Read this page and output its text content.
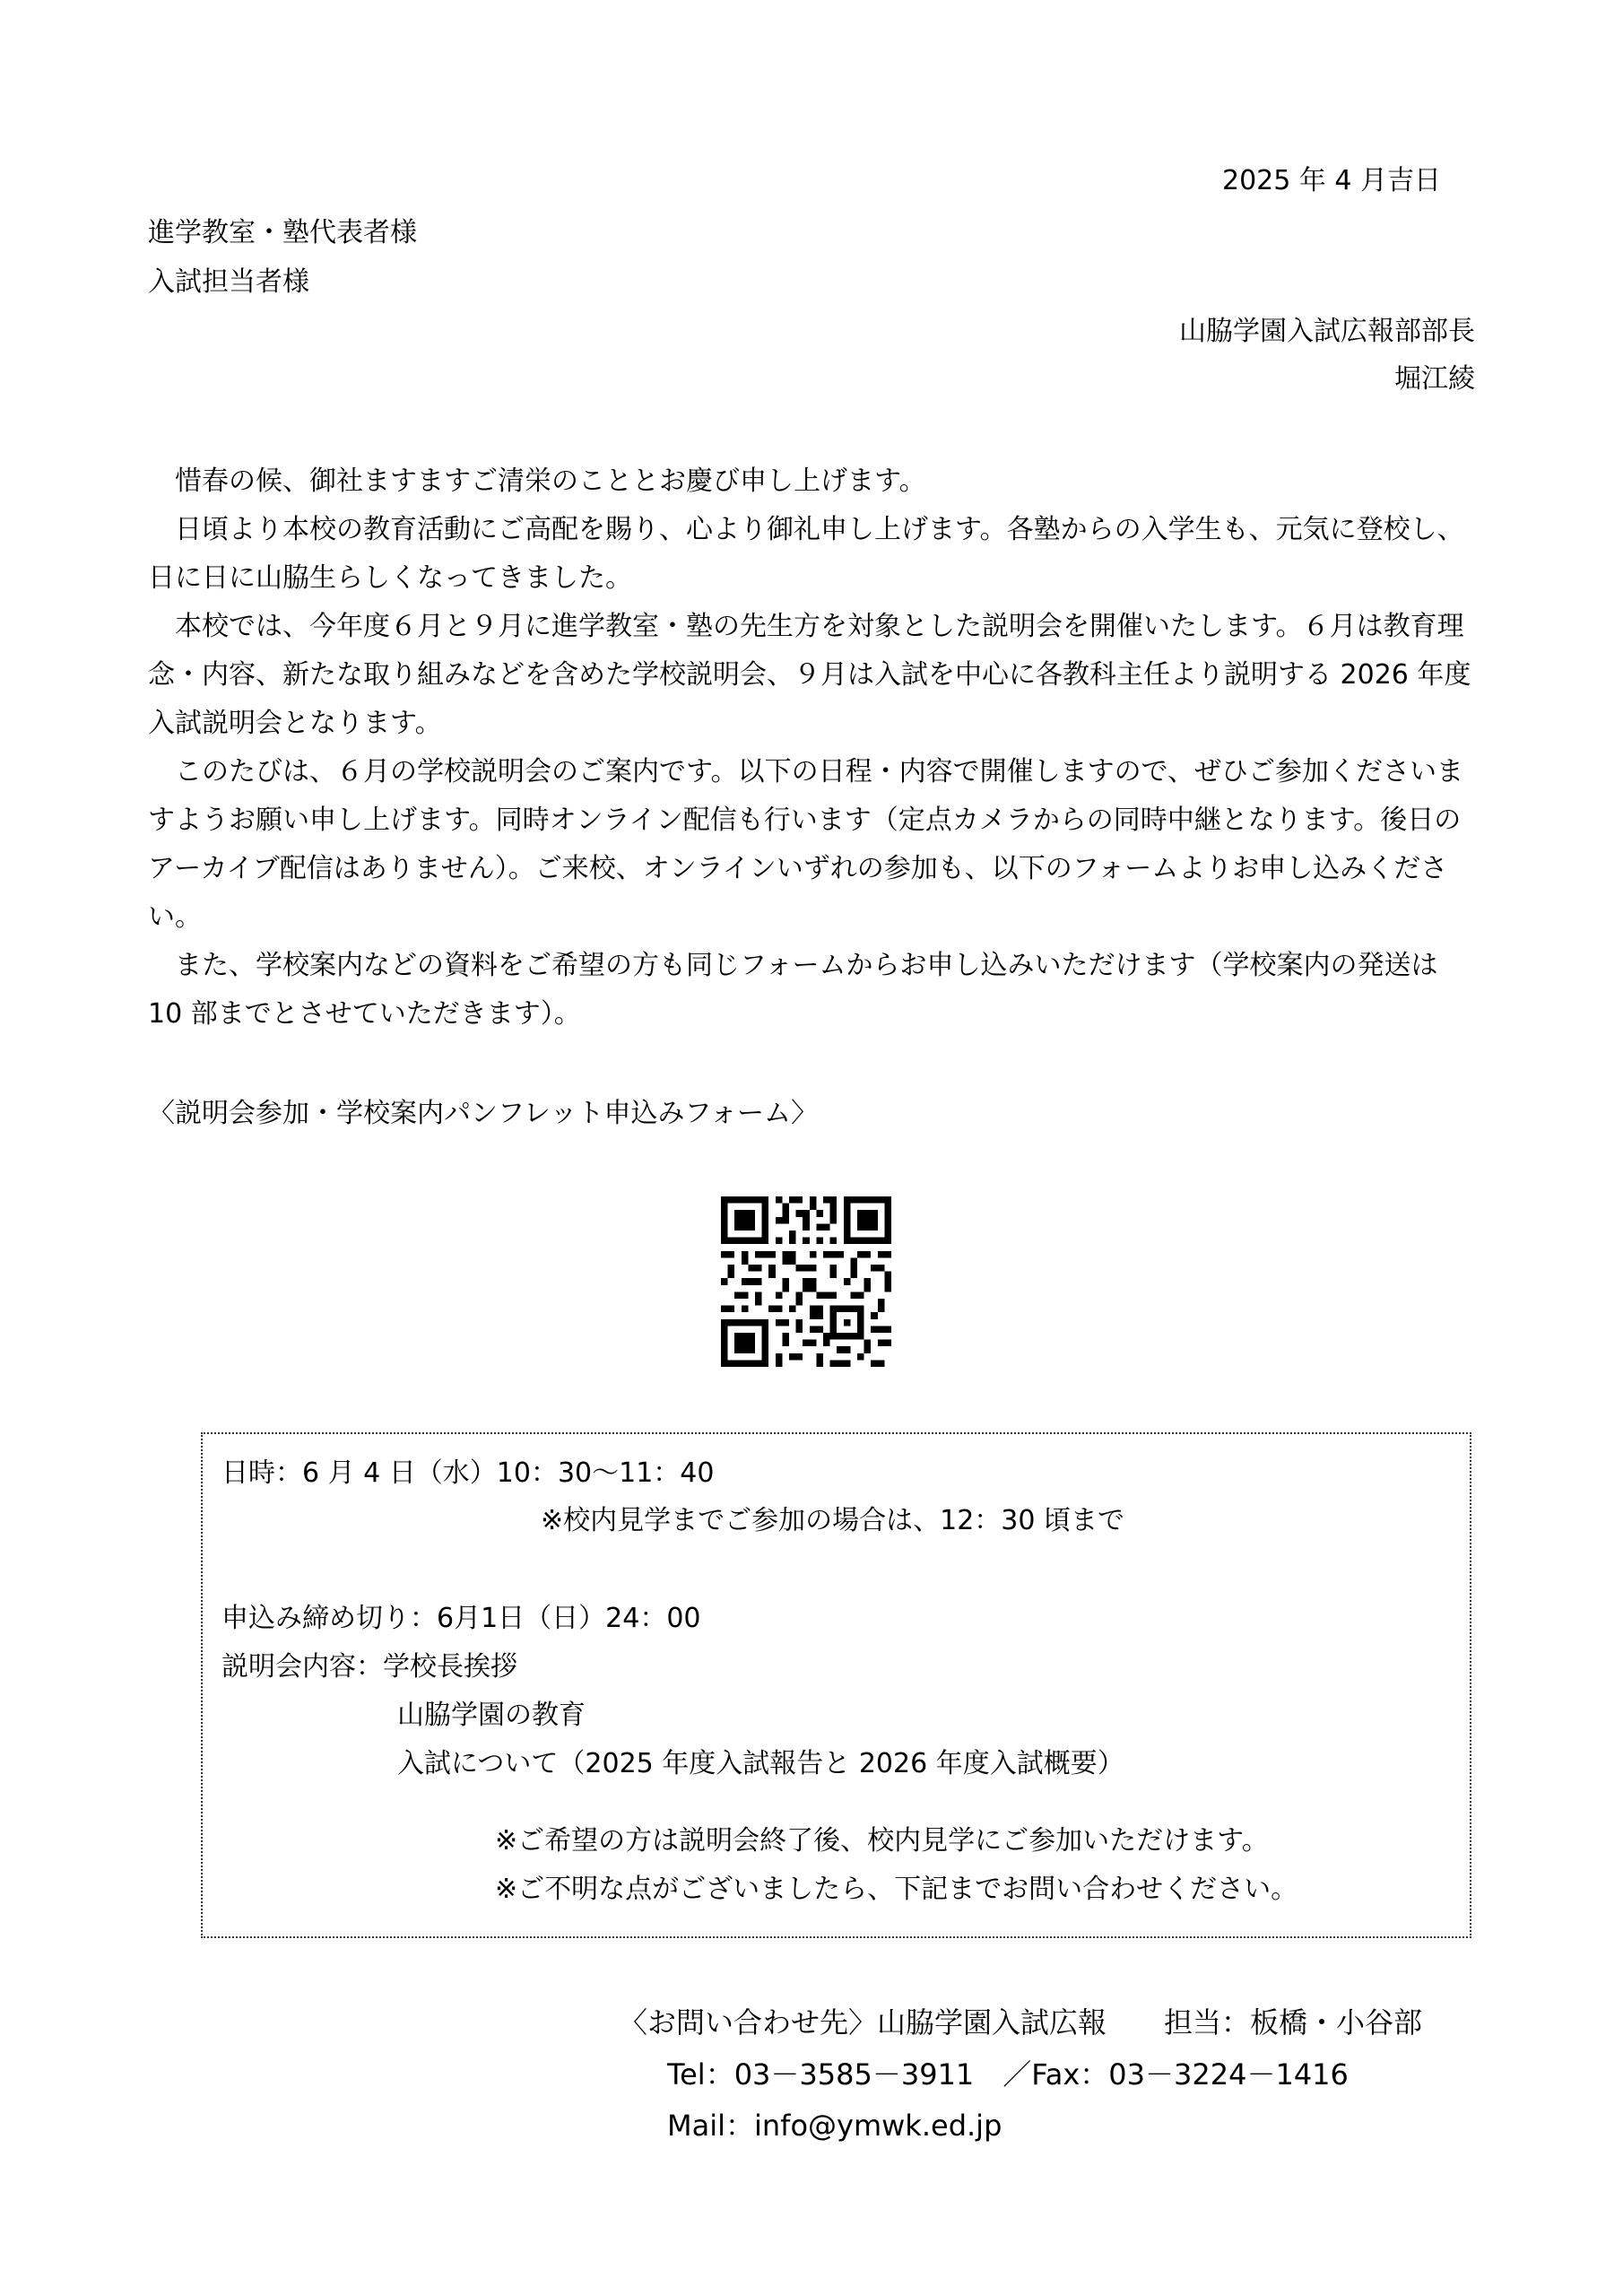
2025 年 4 月吉日
進学教室・塾代表者様
入試担当者様
山脇学園入試広報部部長
堀江綾

惜春の候、御社ますますご清栄のこととお慶び申し上げます。

日頃より本校の教育活動にご高配を賜り、心より御礼申し上げます。各塾からの入学生も、元気に登校し、日に日に山脇生らしくなってきました。

本校では、今年度６月と９月に進学教室・塾の先生方を対象とした説明会を開催いたします。６月は教育理念・内容、新たな取り組みなどを含めた学校説明会、９月は入試を中心に各教科主任より説明する 2026 年度入試説明会となります。

このたびは、６月の学校説明会のご案内です。以下の日程・内容で開催しますので、ぜひご参加くださいますようお願い申し上げます。同時オンライン配信も行います（定点カメラからの同時中継となります。後日のアーカイブ配信はありません）。ご来校、オンラインいずれの参加も、以下のフォームよりお申し込みください。

また、学校案内などの資料をご希望の方も同じフォームからお申し込みいただけます（学校案内の発送は 10 部までとさせていただきます）。

〈説明会参加・学校案内パンフレット申込みフォーム〉
日時：6 月 4 日（水）10：30～11：40
※校内見学までご参加の場合は、12：30 頃まで
申込み締め切り：6月1日（日）24：00
説明会内容：学校長挨拶
山脇学園の教育
入試について（2025 年度入試報告と 2026 年度入試概要）
※ご希望の方は説明会終了後、校内見学にご参加いただけます。
※ご不明な点がございましたら、下記までお問い合わせください。
〈お問い合わせ先〉山脇学園入試広報　　担当：板橋・小谷部
Tel：03－3585－3911　／Fax：03－3224－1416
Mail：info@ymwk.ed.jp
